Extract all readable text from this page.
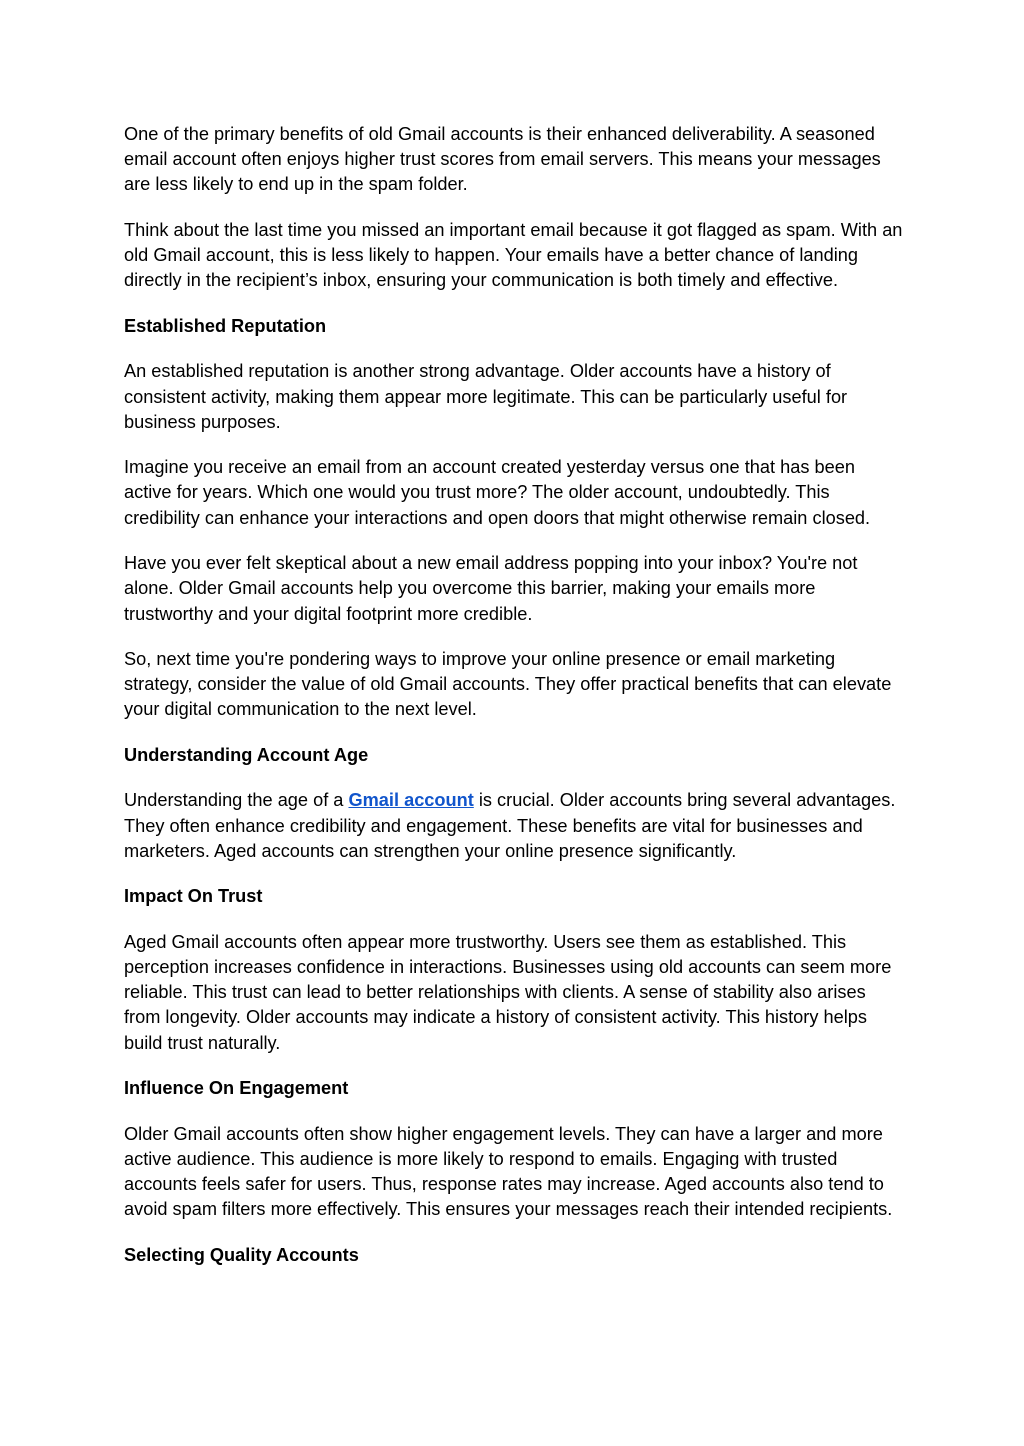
One of the primary benefits of old Gmail accounts is their enhanced deliverability. A seasoned email account often enjoys higher trust scores from email servers. This means your messages are less likely to end up in the spam folder.

Think about the last time you missed an important email because it got flagged as spam. With an old Gmail account, this is less likely to happen. Your emails have a better chance of landing directly in the recipient’s inbox, ensuring your communication is both timely and effective.

Established Reputation

An established reputation is another strong advantage. Older accounts have a history of consistent activity, making them appear more legitimate. This can be particularly useful for business purposes.

Imagine you receive an email from an account created yesterday versus one that has been active for years. Which one would you trust more? The older account, undoubtedly. This credibility can enhance your interactions and open doors that might otherwise remain closed.

Have you ever felt skeptical about a new email address popping into your inbox? You're not alone. Older Gmail accounts help you overcome this barrier, making your emails more trustworthy and your digital footprint more credible.

So, next time you're pondering ways to improve your online presence or email marketing strategy, consider the value of old Gmail accounts. They offer practical benefits that can elevate your digital communication to the next level.

Understanding Account Age

Understanding the age of a Gmail account is crucial. Older accounts bring several advantages. They often enhance credibility and engagement. These benefits are vital for businesses and marketers. Aged accounts can strengthen your online presence significantly.

Impact On Trust

Aged Gmail accounts often appear more trustworthy. Users see them as established. This perception increases confidence in interactions. Businesses using old accounts can seem more reliable. This trust can lead to better relationships with clients. A sense of stability also arises from longevity. Older accounts may indicate a history of consistent activity. This history helps build trust naturally.

Influence On Engagement

Older Gmail accounts often show higher engagement levels. They can have a larger and more active audience. This audience is more likely to respond to emails. Engaging with trusted accounts feels safer for users. Thus, response rates may increase. Aged accounts also tend to avoid spam filters more effectively. This ensures your messages reach their intended recipients.

Selecting Quality Accounts
